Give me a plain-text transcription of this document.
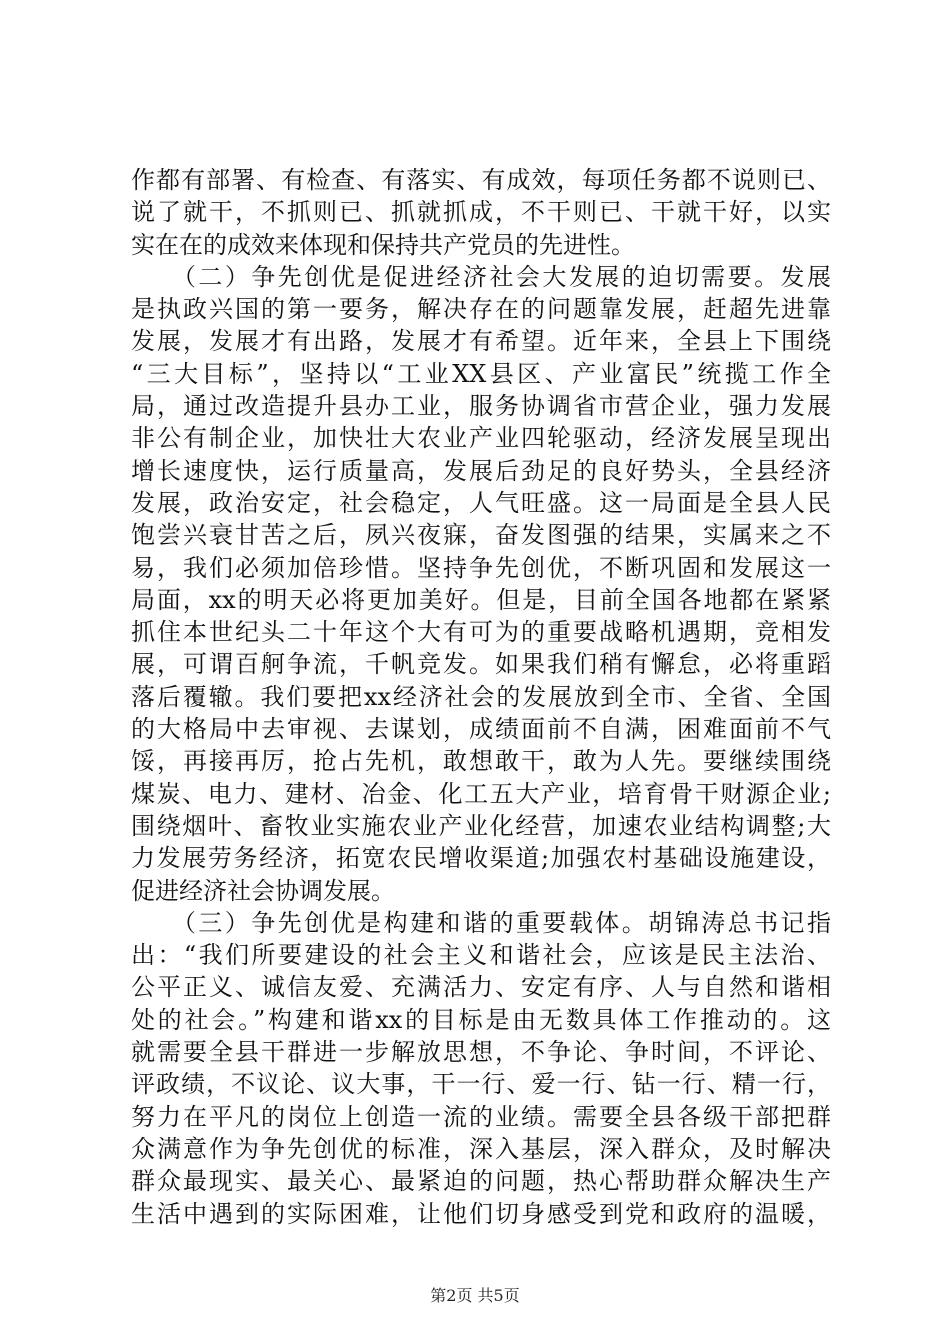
作都有部署、有检查、有落实、有成效，每项任务都不说则已、
说了就干，不抓则已、抓就抓成，不干则已、干就干好，以实
实在在的成效来体现和保持共产党员的先进性。
　　（二）争先创优是促进经济社会大发展的迫切需要。发展
是执政兴国的第一要务，解决存在的问题靠发展，赶超先进靠
发展，发展才有出路，发展才有希望。近年来，全县上下围绕
“三大目标”，坚持以“工业XX县区、产业富民”统揽工作全
局，通过改造提升县办工业，服务协调省市营企业，强力发展
非公有制企业，加快壮大农业产业四轮驱动，经济发展呈现出
增长速度快，运行质量高，发展后劲足的良好势头，全县经济
发展，政治安定，社会稳定，人气旺盛。这一局面是全县人民
饱尝兴衰甘苦之后，夙兴夜寐，奋发图强的结果，实属来之不
易，我们必须加倍珍惜。坚持争先创优，不断巩固和发展这一
局面，xx的明天必将更加美好。但是，目前全国各地都在紧紧
抓住本世纪头二十年这个大有可为的重要战略机遇期，竞相发
展，可谓百舸争流，千帆竞发。如果我们稍有懈怠，必将重蹈
落后覆辙。我们要把xx经济社会的发展放到全市、全省、全国
的大格局中去审视、去谋划，成绩面前不自满，困难面前不气
馁，再接再厉，抢占先机，敢想敢干，敢为人先。要继续围绕
煤炭、电力、建材、冶金、化工五大产业，培育骨干财源企业;
围绕烟叶、畜牧业实施农业产业化经营，加速农业结构调整;大
力发展劳务经济，拓宽农民增收渠道;加强农村基础设施建设，
促进经济社会协调发展。
　　（三）争先创优是构建和谐的重要载体。胡锦涛总书记指
出：“我们所要建设的社会主义和谐社会，应该是民主法治、
公平正义、诚信友爱、充满活力、安定有序、人与自然和谐相
处的社会。”构建和谐xx的目标是由无数具体工作推动的。这
就需要全县干群进一步解放思想，不争论、争时间，不评论、
评政绩，不议论、议大事，干一行、爱一行、钻一行、精一行，
努力在平凡的岗位上创造一流的业绩。需要全县各级干部把群
众满意作为争先创优的标准，深入基层，深入群众，及时解决
群众最现实、最关心、最紧迫的问题，热心帮助群众解决生产
生活中遇到的实际困难，让他们切身感受到党和政府的温暖，
第2页 共5页
